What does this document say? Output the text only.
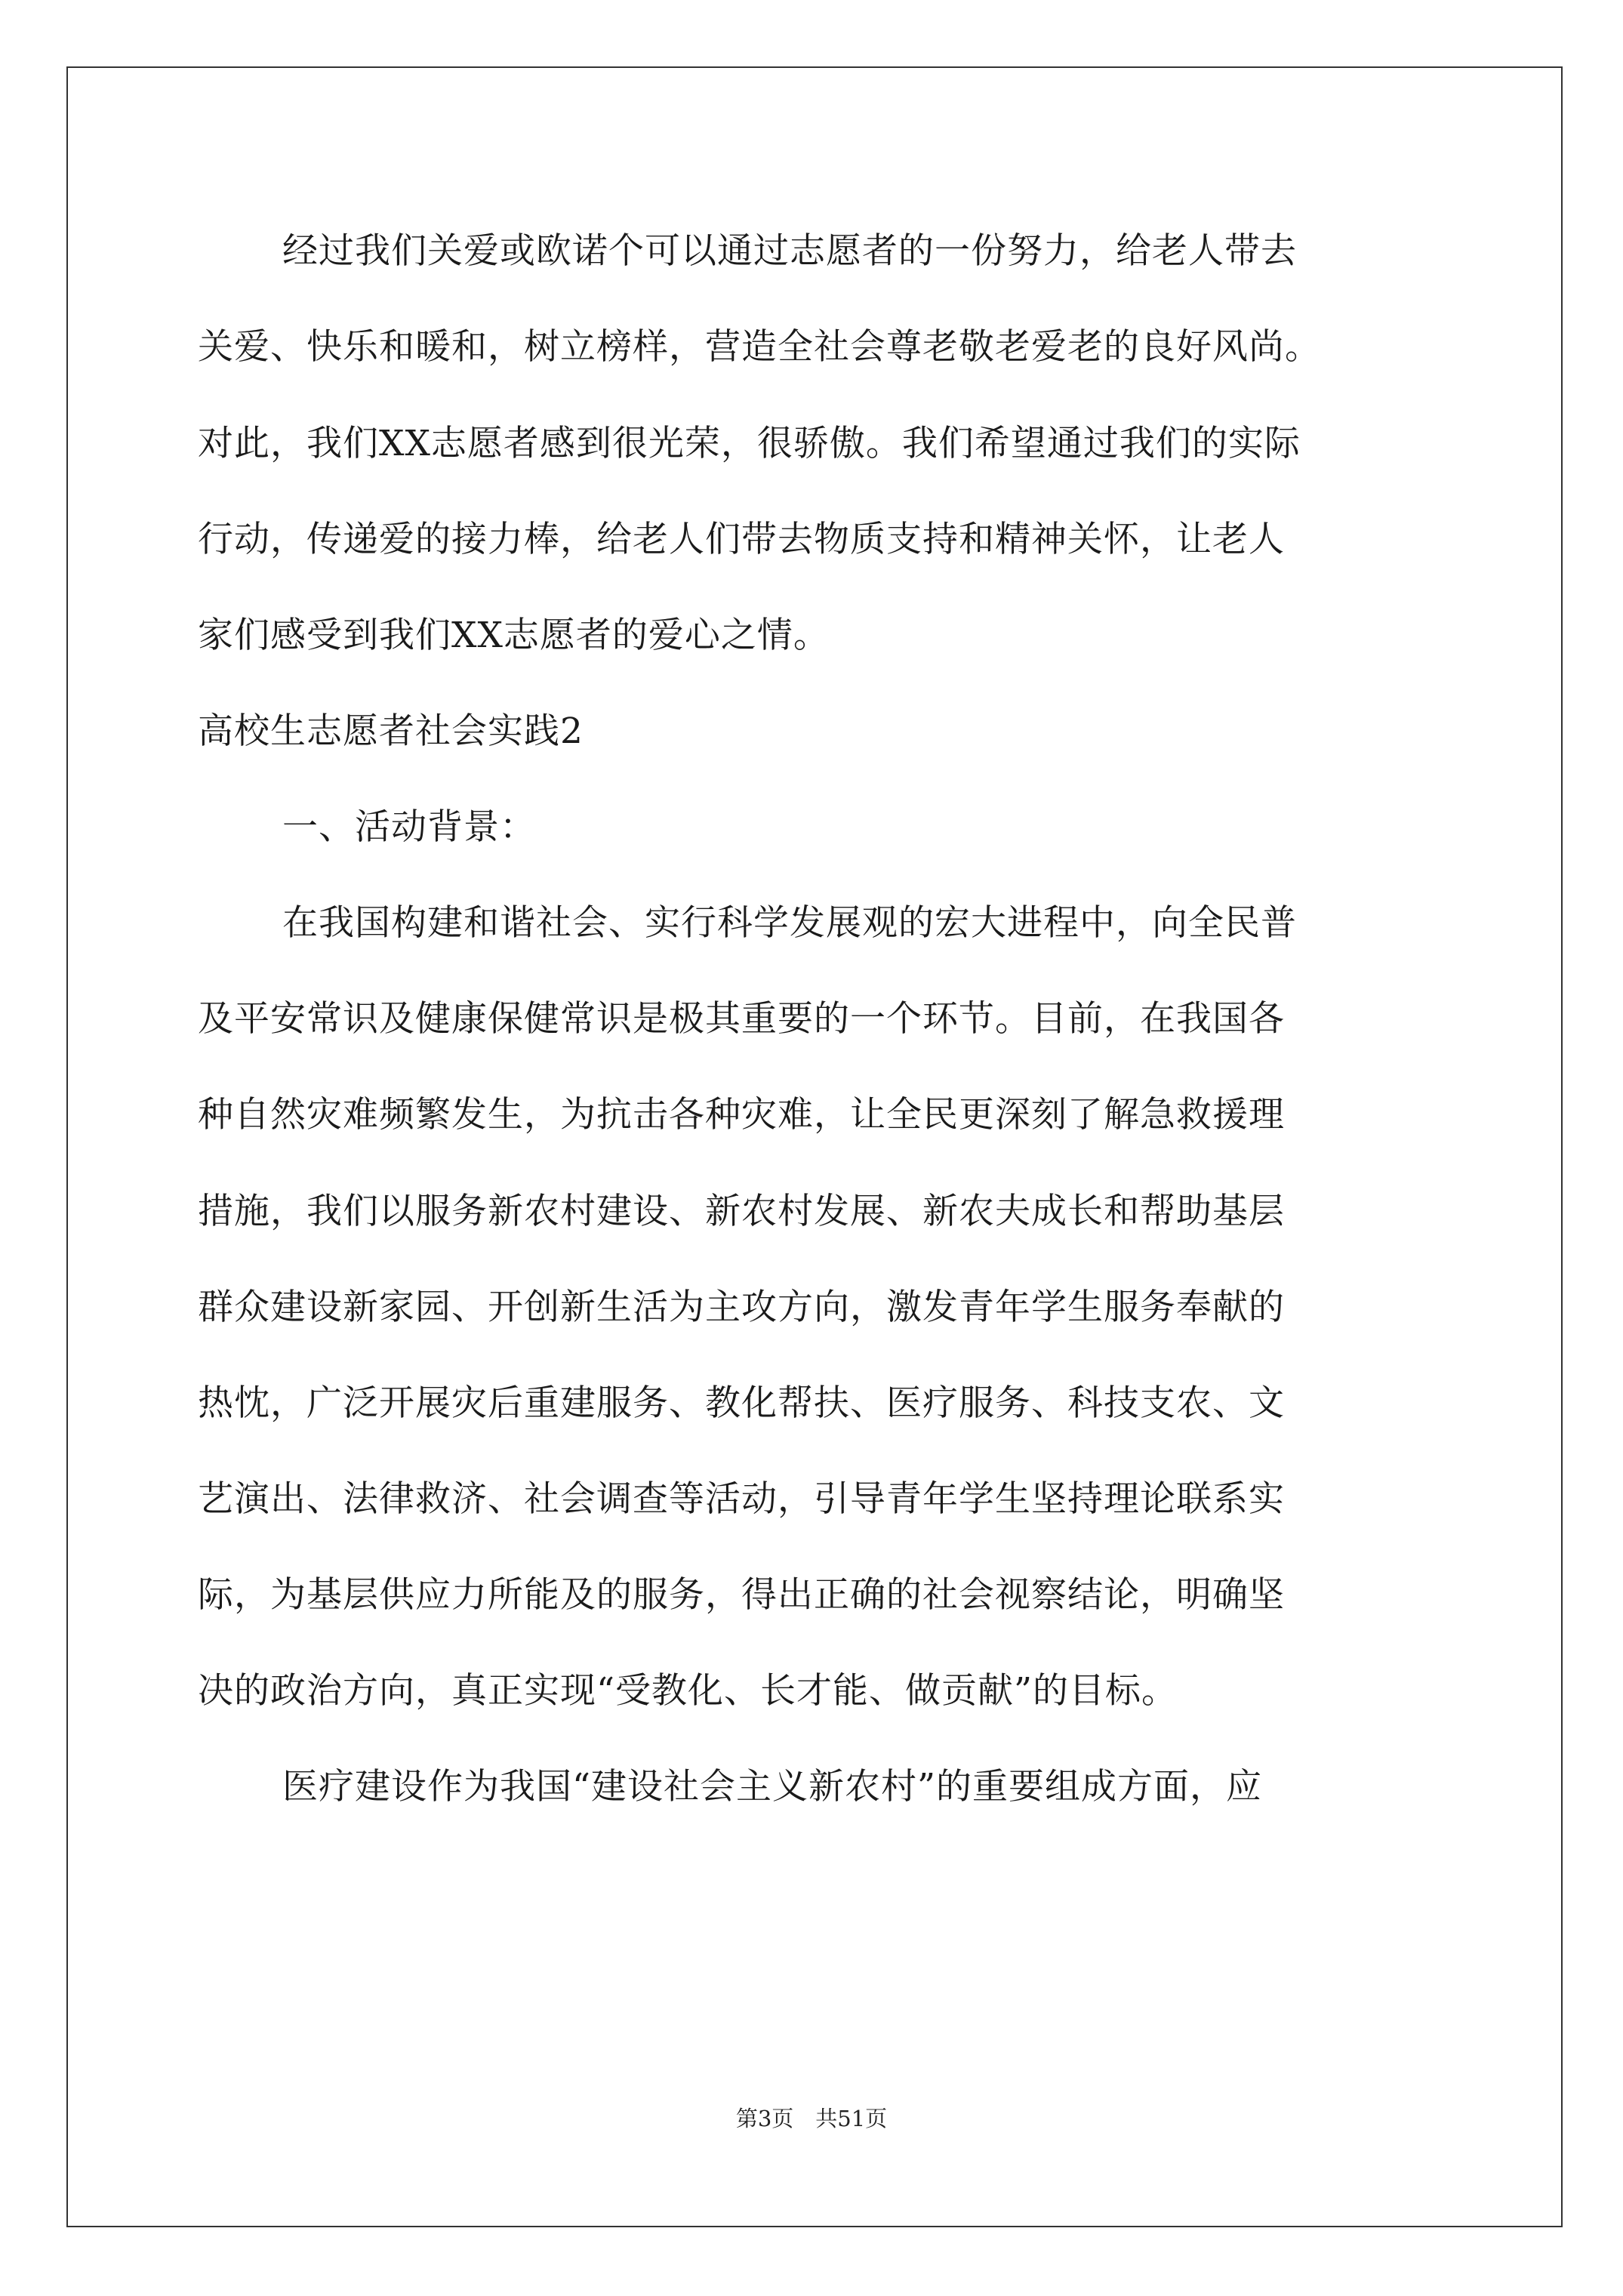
经过我们关爱或欧诺个可以通过志愿者的一份努力，给老人带去
关爱、快乐和暖和，树立榜样，营造全社会尊老敬老爱老的良好风尚。
对此，我们XX志愿者感到很光荣，很骄傲。我们希望通过我们的实际
行动，传递爱的接力棒，给老人们带去物质支持和精神关怀，让老人
家们感受到我们XX志愿者的爱心之情。
高校生志愿者社会实践2
一、活动背景：
在我国构建和谐社会、实行科学发展观的宏大进程中，向全民普
及平安常识及健康保健常识是极其重要的一个环节。目前，在我国各
种自然灾难频繁发生，为抗击各种灾难，让全民更深刻了解急救援理
措施，我们以服务新农村建设、新农村发展、新农夫成长和帮助基层
群众建设新家园、开创新生活为主攻方向，激发青年学生服务奉献的
热忱，广泛开展灾后重建服务、教化帮扶、医疗服务、科技支农、文
艺演出、法律救济、社会调查等活动，引导青年学生坚持理论联系实
际，为基层供应力所能及的服务，得出正确的社会视察结论，明确坚
决的政治方向，真正实现“受教化、长才能、做贡献”的目标。
医疗建设作为我国“建设社会主义新农村”的重要组成方面，应
第3页　共51页
